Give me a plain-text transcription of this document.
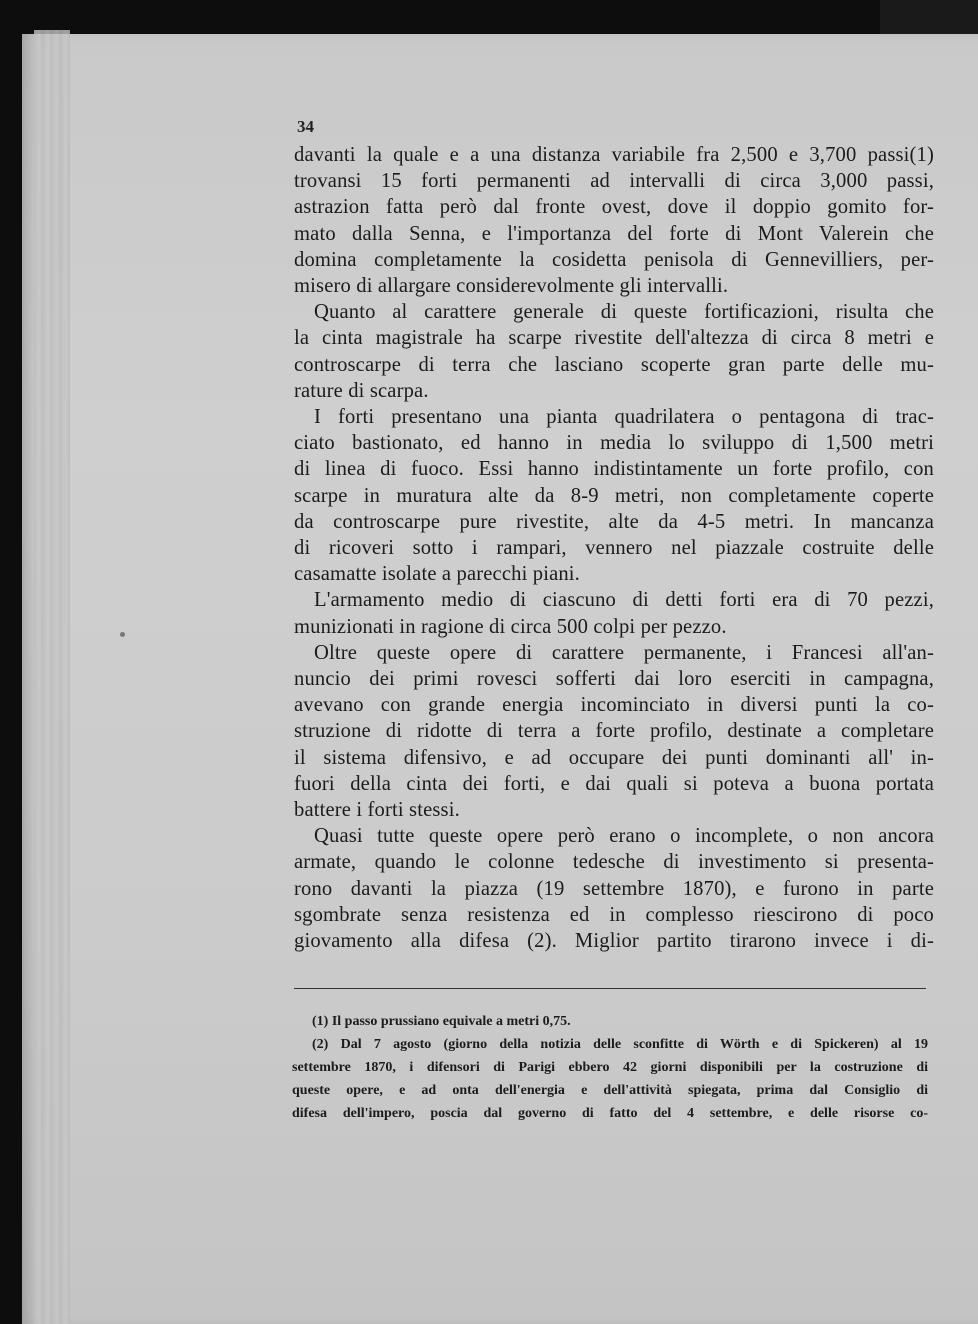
34

davanti la quale e a una distanza variabile fra 2,500 e 3,700 passi(1)

trovansi 15 forti permanenti ad intervalli di circa 3,000 passi,

astrazion fatta però dal fronte ovest, dove il doppio gomito for-

mato dalla Senna, e l'importanza del forte di Mont Valerein che

domina completamente la cosidetta penisola di Gennevilliers, per-

misero di allargare considerevolmente gli intervalli.

Quanto al carattere generale di queste fortificazioni, risulta che

la cinta magistrale ha scarpe rivestite dell'altezza di circa 8 metri e

controscarpe di terra che lasciano scoperte gran parte delle mu-

rature di scarpa.

I forti presentano una pianta quadrilatera o pentagona di trac-

ciato bastionato, ed hanno in media lo sviluppo di 1,500 metri

di linea di fuoco. Essi hanno indistintamente un forte profilo, con

scarpe in muratura alte da 8-9 metri, non completamente coperte

da controscarpe pure rivestite, alte da 4-5 metri. In mancanza

di ricoveri sotto i rampari, vennero nel piazzale costruite delle

casamatte isolate a parecchi piani.

L'armamento medio di ciascuno di detti forti era di 70 pezzi,

munizionati in ragione di circa 500 colpi per pezzo.

Oltre queste opere di carattere permanente, i Francesi all'an-

nuncio dei primi rovesci sofferti dai loro eserciti in campagna,

avevano con grande energia incominciato in diversi punti la co-

struzione di ridotte di terra a forte profilo, destinate a completare

il sistema difensivo, e ad occupare dei punti dominanti all' in-

fuori della cinta dei forti, e dai quali si poteva a buona portata

battere i forti stessi.

Quasi tutte queste opere però erano o incomplete, o non ancora

armate, quando le colonne tedesche di investimento si presenta-

rono davanti la piazza (19 settembre 1870), e furono in parte

sgombrate senza resistenza ed in complesso riescirono di poco

giovamento alla difesa (2). Miglior partito tirarono invece i di-

(1) Il passo prussiano equivale a metri 0,75.

(2) Dal 7 agosto (giorno della notizia delle sconfitte di Wörth e di Spickeren) al 19

settembre 1870, i difensori di Parigi ebbero 42 giorni disponibili per la costruzione di

queste opere, e ad onta dell'energia e dell'attività spiegata, prima dal Consiglio di

difesa dell'impero, poscia dal governo di fatto del 4 settembre, e delle risorse co-
